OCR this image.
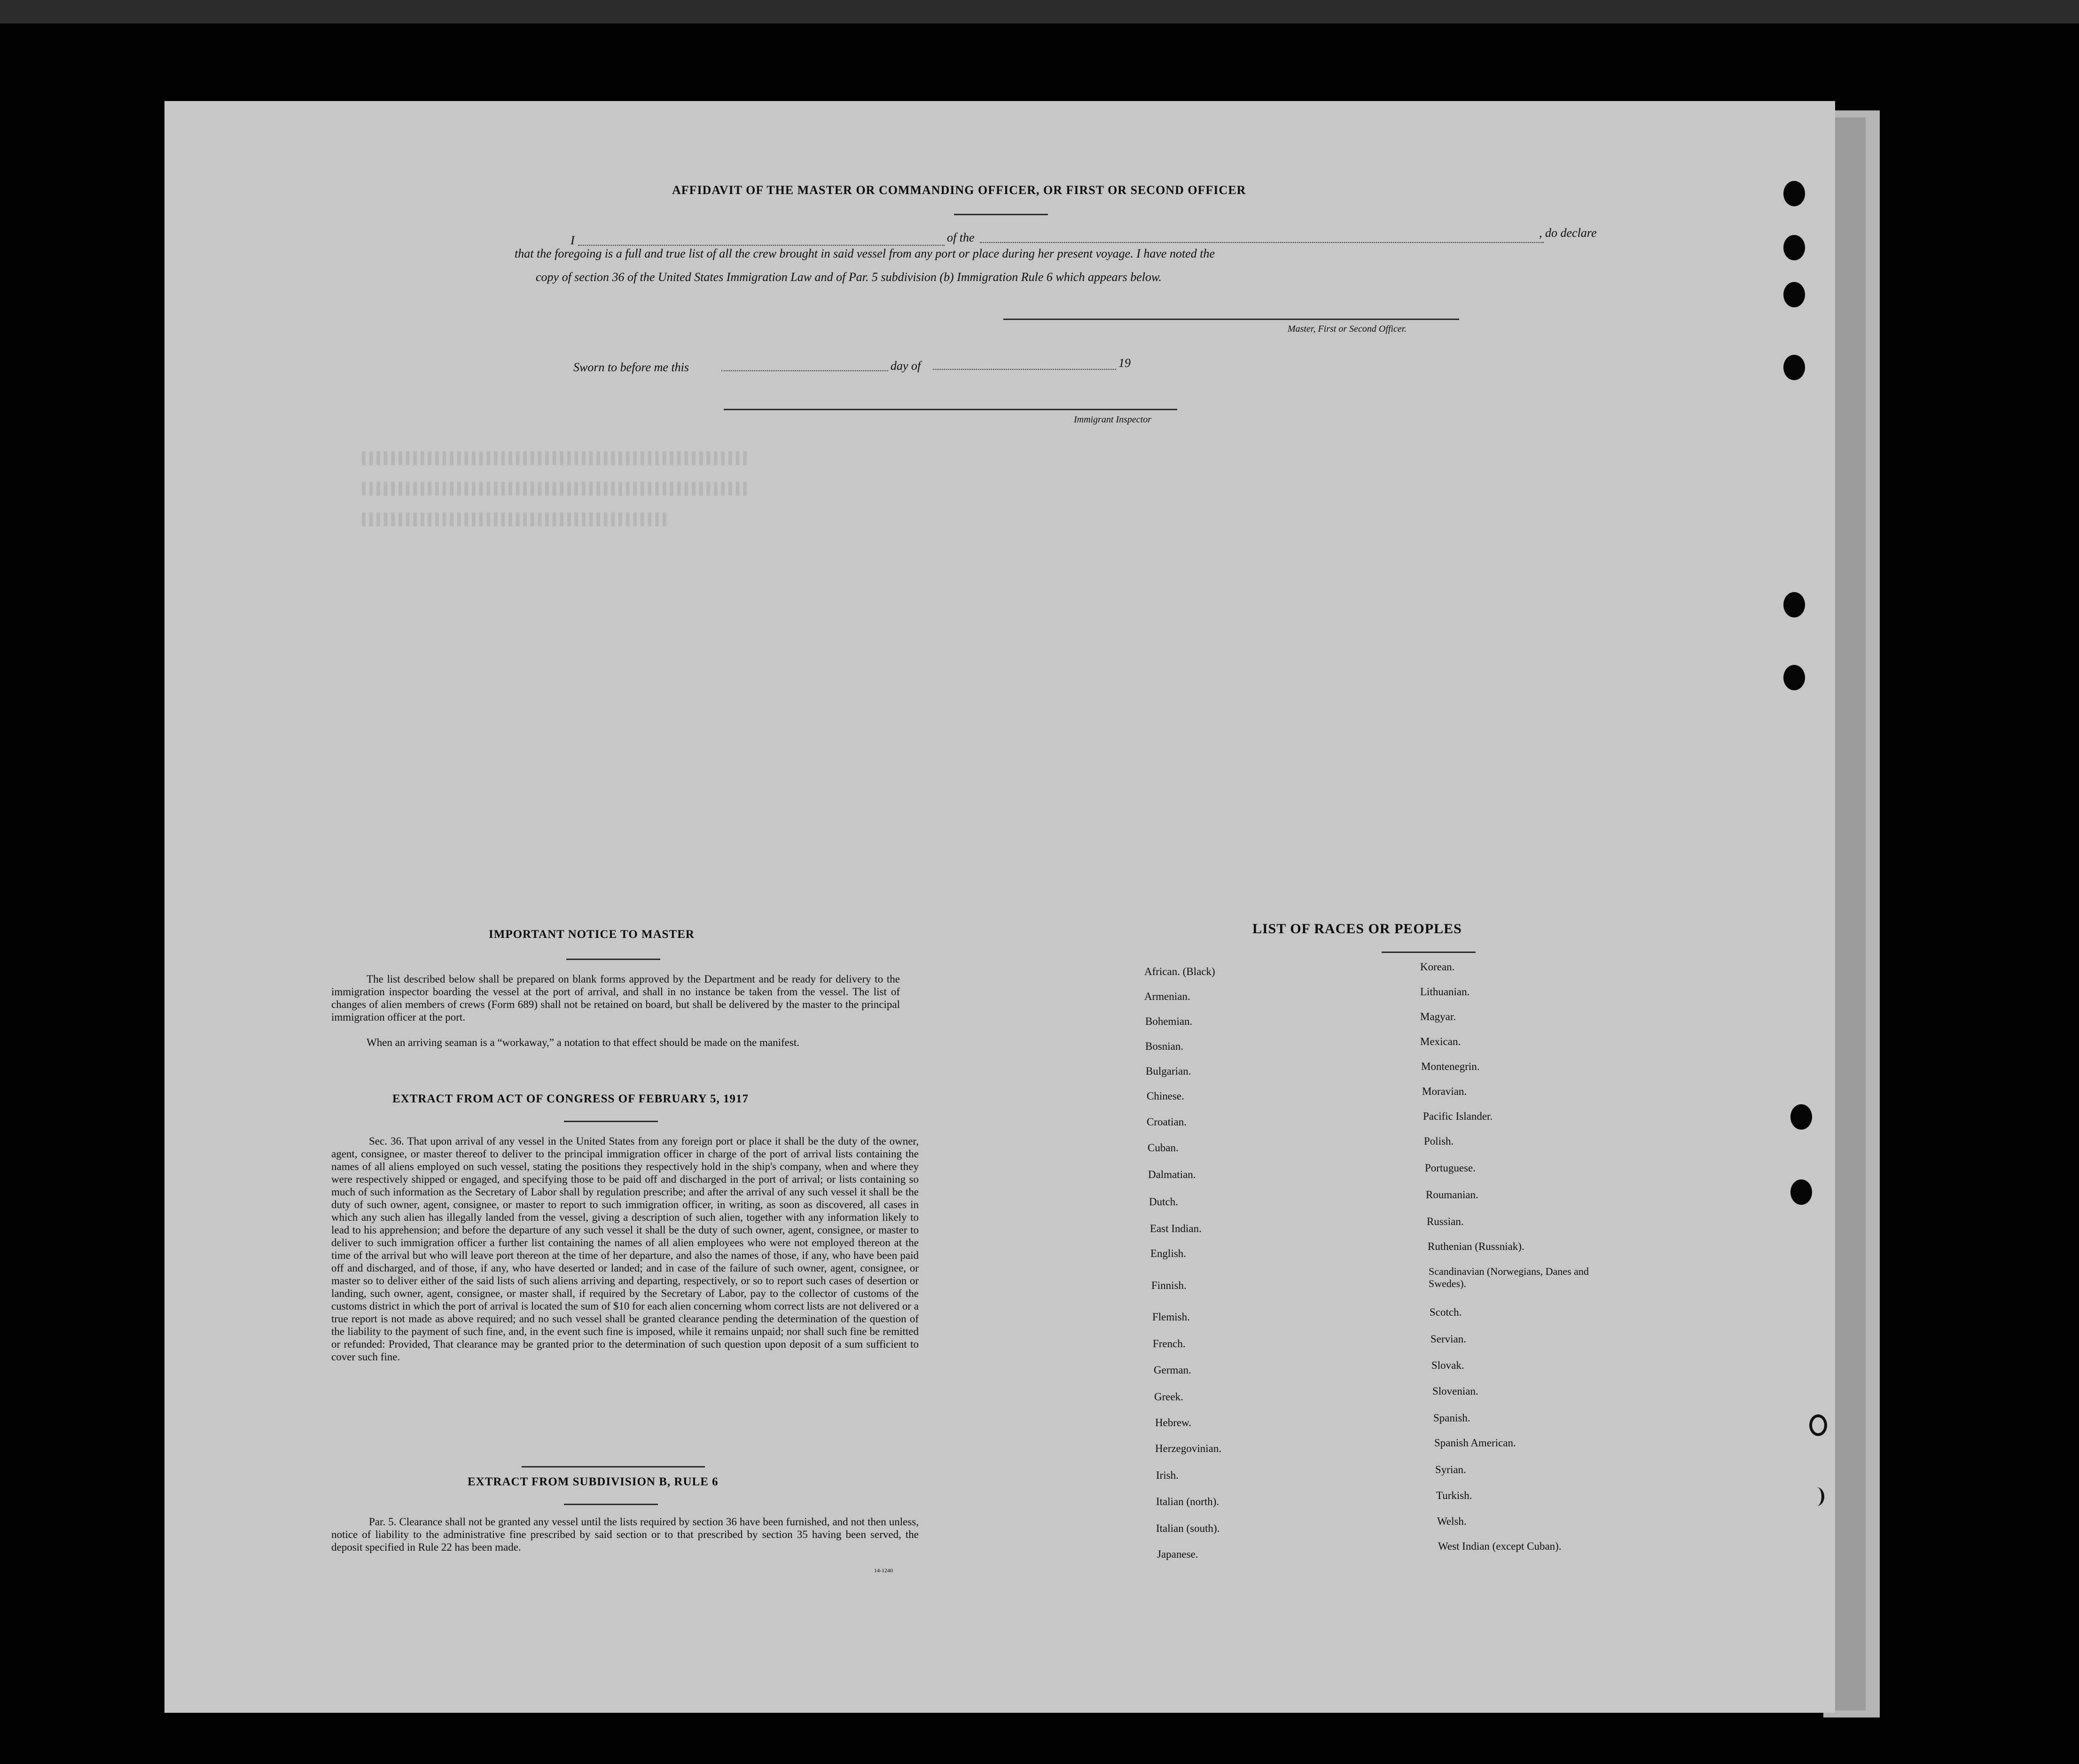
▌▌▌▌▌▌▌▌▌▌▌▌▌▌▌▌▌▌▌▌▌▌▌▌▌▌▌▌▌▌▌▌▌▌▌▌▌▌▌▌▌▌▌▌▌▌▌▌▌▌▌▌▌
▌▌▌▌▌▌▌▌▌▌▌▌▌▌▌▌▌▌▌▌▌▌▌▌▌▌▌▌▌▌▌▌▌▌▌▌▌▌▌▌▌▌▌▌▌▌▌▌▌▌▌▌▌
▌▌▌▌▌▌▌▌▌▌▌▌▌▌▌▌▌▌▌▌▌▌▌▌▌▌▌▌▌▌▌▌▌▌▌▌▌▌▌▌▌▌
AFFIDAVIT OF THE MASTER OR COMMANDING OFFICER, OR FIRST OR SECOND OFFICER
I	of the	, do declare
that the foregoing is a full and true list of all the crew brought in said vessel from any port or place during her present voyage. I have noted the
copy of section 36 of the United States Immigration Law and of Par. 5 subdivision (b) Immigration Rule 6 which appears below.
Master, First or Second Officer.
Sworn to before me this	day of	19
Immigrant Inspector
IMPORTANT NOTICE TO MASTER
The list described below shall be prepared on blank forms approved by the Department and be ready for delivery to the immigration inspector boarding the vessel at the port of arrival, and shall in no instance be taken from the vessel. The list of changes of alien members of crews (Form 689) shall not be retained on board, but shall be delivered by the master to the principal immigration officer at the port.
When an arriving seaman is a “workaway,” a notation to that effect should be made on the manifest.
EXTRACT FROM ACT OF CONGRESS OF FEBRUARY 5, 1917
Sec. 36. That upon arrival of any vessel in the United States from any foreign port or place it shall be the duty of the owner, agent, consignee, or master thereof to deliver to the principal immigration officer in charge of the port of arrival lists containing the names of all aliens employed on such vessel, stating the positions they respectively hold in the ship's company, when and where they were respectively shipped or engaged, and specifying those to be paid off and discharged in the port of arrival; or lists containing so much of such information as the Secretary of Labor shall by regulation prescribe; and after the arrival of any such vessel it shall be the duty of such owner, agent, consignee, or master to report to such immigration officer, in writing, as soon as discovered, all cases in which any such alien has illegally landed from the vessel, giving a description of such alien, together with any information likely to lead to his apprehension; and before the departure of any such vessel it shall be the duty of such owner, agent, consignee, or master to deliver to such immigration officer a further list containing the names of all alien employees who were not employed thereon at the time of the arrival but who will leave port thereon at the time of her departure, and also the names of those, if any, who have been paid off and discharged, and of those, if any, who have deserted or landed; and in case of the failure of such owner, agent, consignee, or master so to deliver either of the said lists of such aliens arriving and departing, respectively, or so to report such cases of desertion or landing, such owner, agent, consignee, or master shall, if required by the Secretary of Labor, pay to the collector of customs of the customs district in which the port of arrival is located the sum of $10 for each alien concerning whom correct lists are not delivered or a true report is not made as above required; and no such vessel shall be granted clearance pending the determination of the question of the liability to the payment of such fine, and, in the event such fine is imposed, while it remains unpaid; nor shall such fine be remitted or refunded: Provided, That clearance may be granted prior to the determination of such question upon deposit of a sum sufficient to cover such fine.
EXTRACT FROM SUBDIVISION B, RULE 6
Par. 5. Clearance shall not be granted any vessel until the lists required by section 36 have been furnished, and not then unless, notice of liability to the administrative fine prescribed by said section or to that prescribed by section 35 having been served, the deposit specified in Rule 22 has been made.
14-1240
LIST OF RACES OR PEOPLES
African. (Black)
Armenian.
Bohemian.
Bosnian.
Bulgarian.
Chinese.
Croatian.
Cuban.
Dalmatian.
Dutch.
East Indian.
English.
Finnish.
Flemish.
French.
German.
Greek.
Hebrew.
Herzegovinian.
Irish.
Italian (north).
Italian (south).
Japanese.
Korean.
Lithuanian.
Magyar.
Mexican.
Montenegrin.
Moravian.
Pacific Islander.
Polish.
Portuguese.
Roumanian.
Russian.
Ruthenian (Russniak).
Scandinavian (Norwegians, Danes and Swedes).
Scotch.
Servian.
Slovak.
Slovenian.
Spanish.
Spanish American.
Syrian.
Turkish.
Welsh.
West Indian (except Cuban).
